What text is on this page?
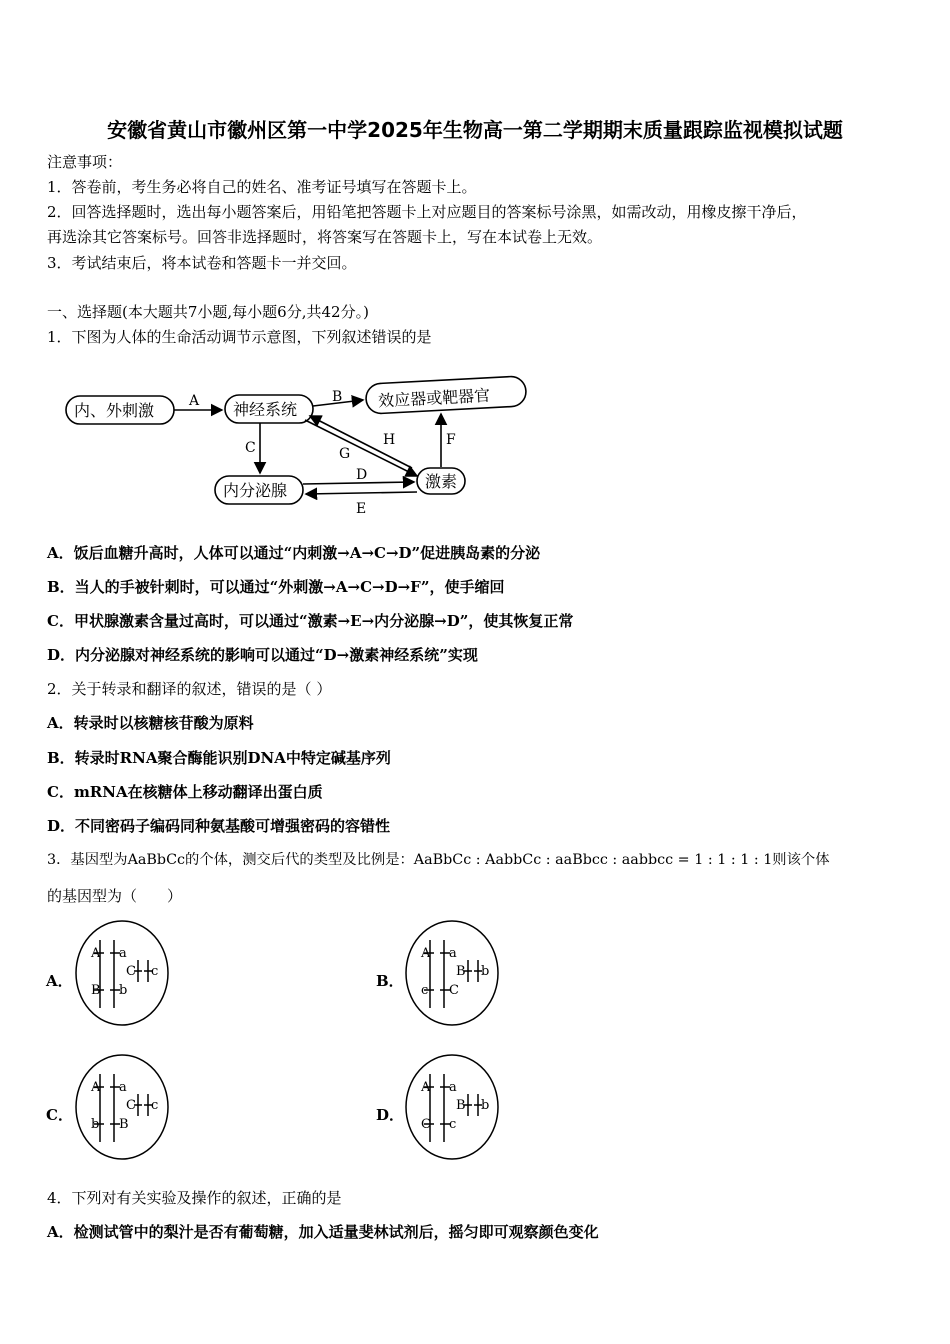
安徽省黄山市徽州区第一中学2025年生物高一第二学期期末质量跟踪监视模拟试题
注意事项：
1．答卷前，考生务必将自己的姓名、准考证号填写在答题卡上。
2．回答选择题时，选出每小题答案后，用铅笔把答题卡上对应题目的答案标号涂黑，如需改动，用橡皮擦干净后，
再选涂其它答案标号。回答非选择题时，将答案写在答题卡上，写在本试卷上无效。
3．考试结束后，将本试卷和答题卡一并交回。
一、选择题(本大题共7小题,每小题6分,共42分。)
1．下图为人体的生命活动调节示意图，下列叙述错误的是
内、外刺激	神经系统	效应器或靶器官
内分泌腺	激素
A	B
C	G
H	F
D
E
A．饭后血糖升高时，人体可以通过“内刺激→A→C→D”促进胰岛素的分泌
B．当人的手被针刺时，可以通过“外刺激→A→C→D→F”，使手缩回
C．甲状腺激素含量过高时，可以通过“激素→E→内分泌腺→D”，使其恢复正常
D．内分泌腺对神经系统的影响可以通过“D→激素神经系统”实现
2．关于转录和翻译的叙述，错误的是（ ）
A．转录时以核糖核苷酸为原料
B．转录时RNA聚合酶能识别DNA中特定碱基序列
C．mRNA在核糖体上移动翻译出蛋白质
D．不同密码子编码同种氨基酸可增强密码的容错性
3．基因型为AaBbCc的个体，测交后代的类型及比例是：AaBbCc : AabbCc : aaBbcc : aabbcc = 1 : 1 : 1 : 1则该个体
的基因型为（　　）
A．
A a
B b
C c
B．
A a
c C
B b
C．
A a
b B
C c
D．
A a
C c
B b
4．下列对有关实验及操作的叙述，正确的是
A．检测试管中的梨汁是否有葡萄糖，加入适量斐林试剂后，摇匀即可观察颜色变化
